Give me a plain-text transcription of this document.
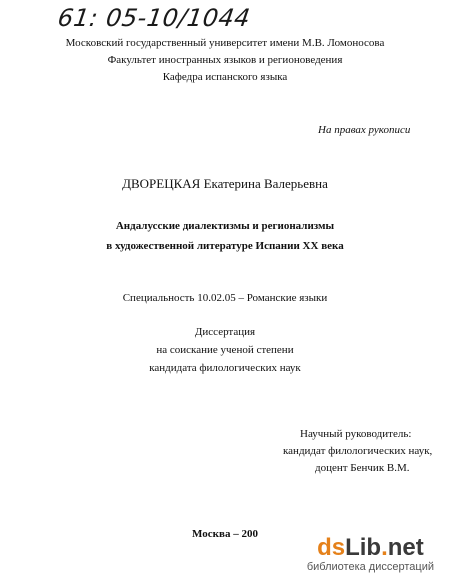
61: 05-10/1044
Московский государственный университет имени М.В. Ломоносова
Факультет иностранных языков и регионоведения
Кафедра испанского языка
На правах рукописи
ДВОРЕЦКАЯ Екатерина Валерьевна
Андалусские диалектизмы и регионализмы
в художественной литературе Испании XX века
Специальность 10.02.05 – Романские языки
Диссертация
на соискание ученой степени
кандидата филологических наук
Научный руководитель:
кандидат филологических наук,
доцент Бенчик В.М.
Москва – 200	dsLib.net
библиотека диссертаций
